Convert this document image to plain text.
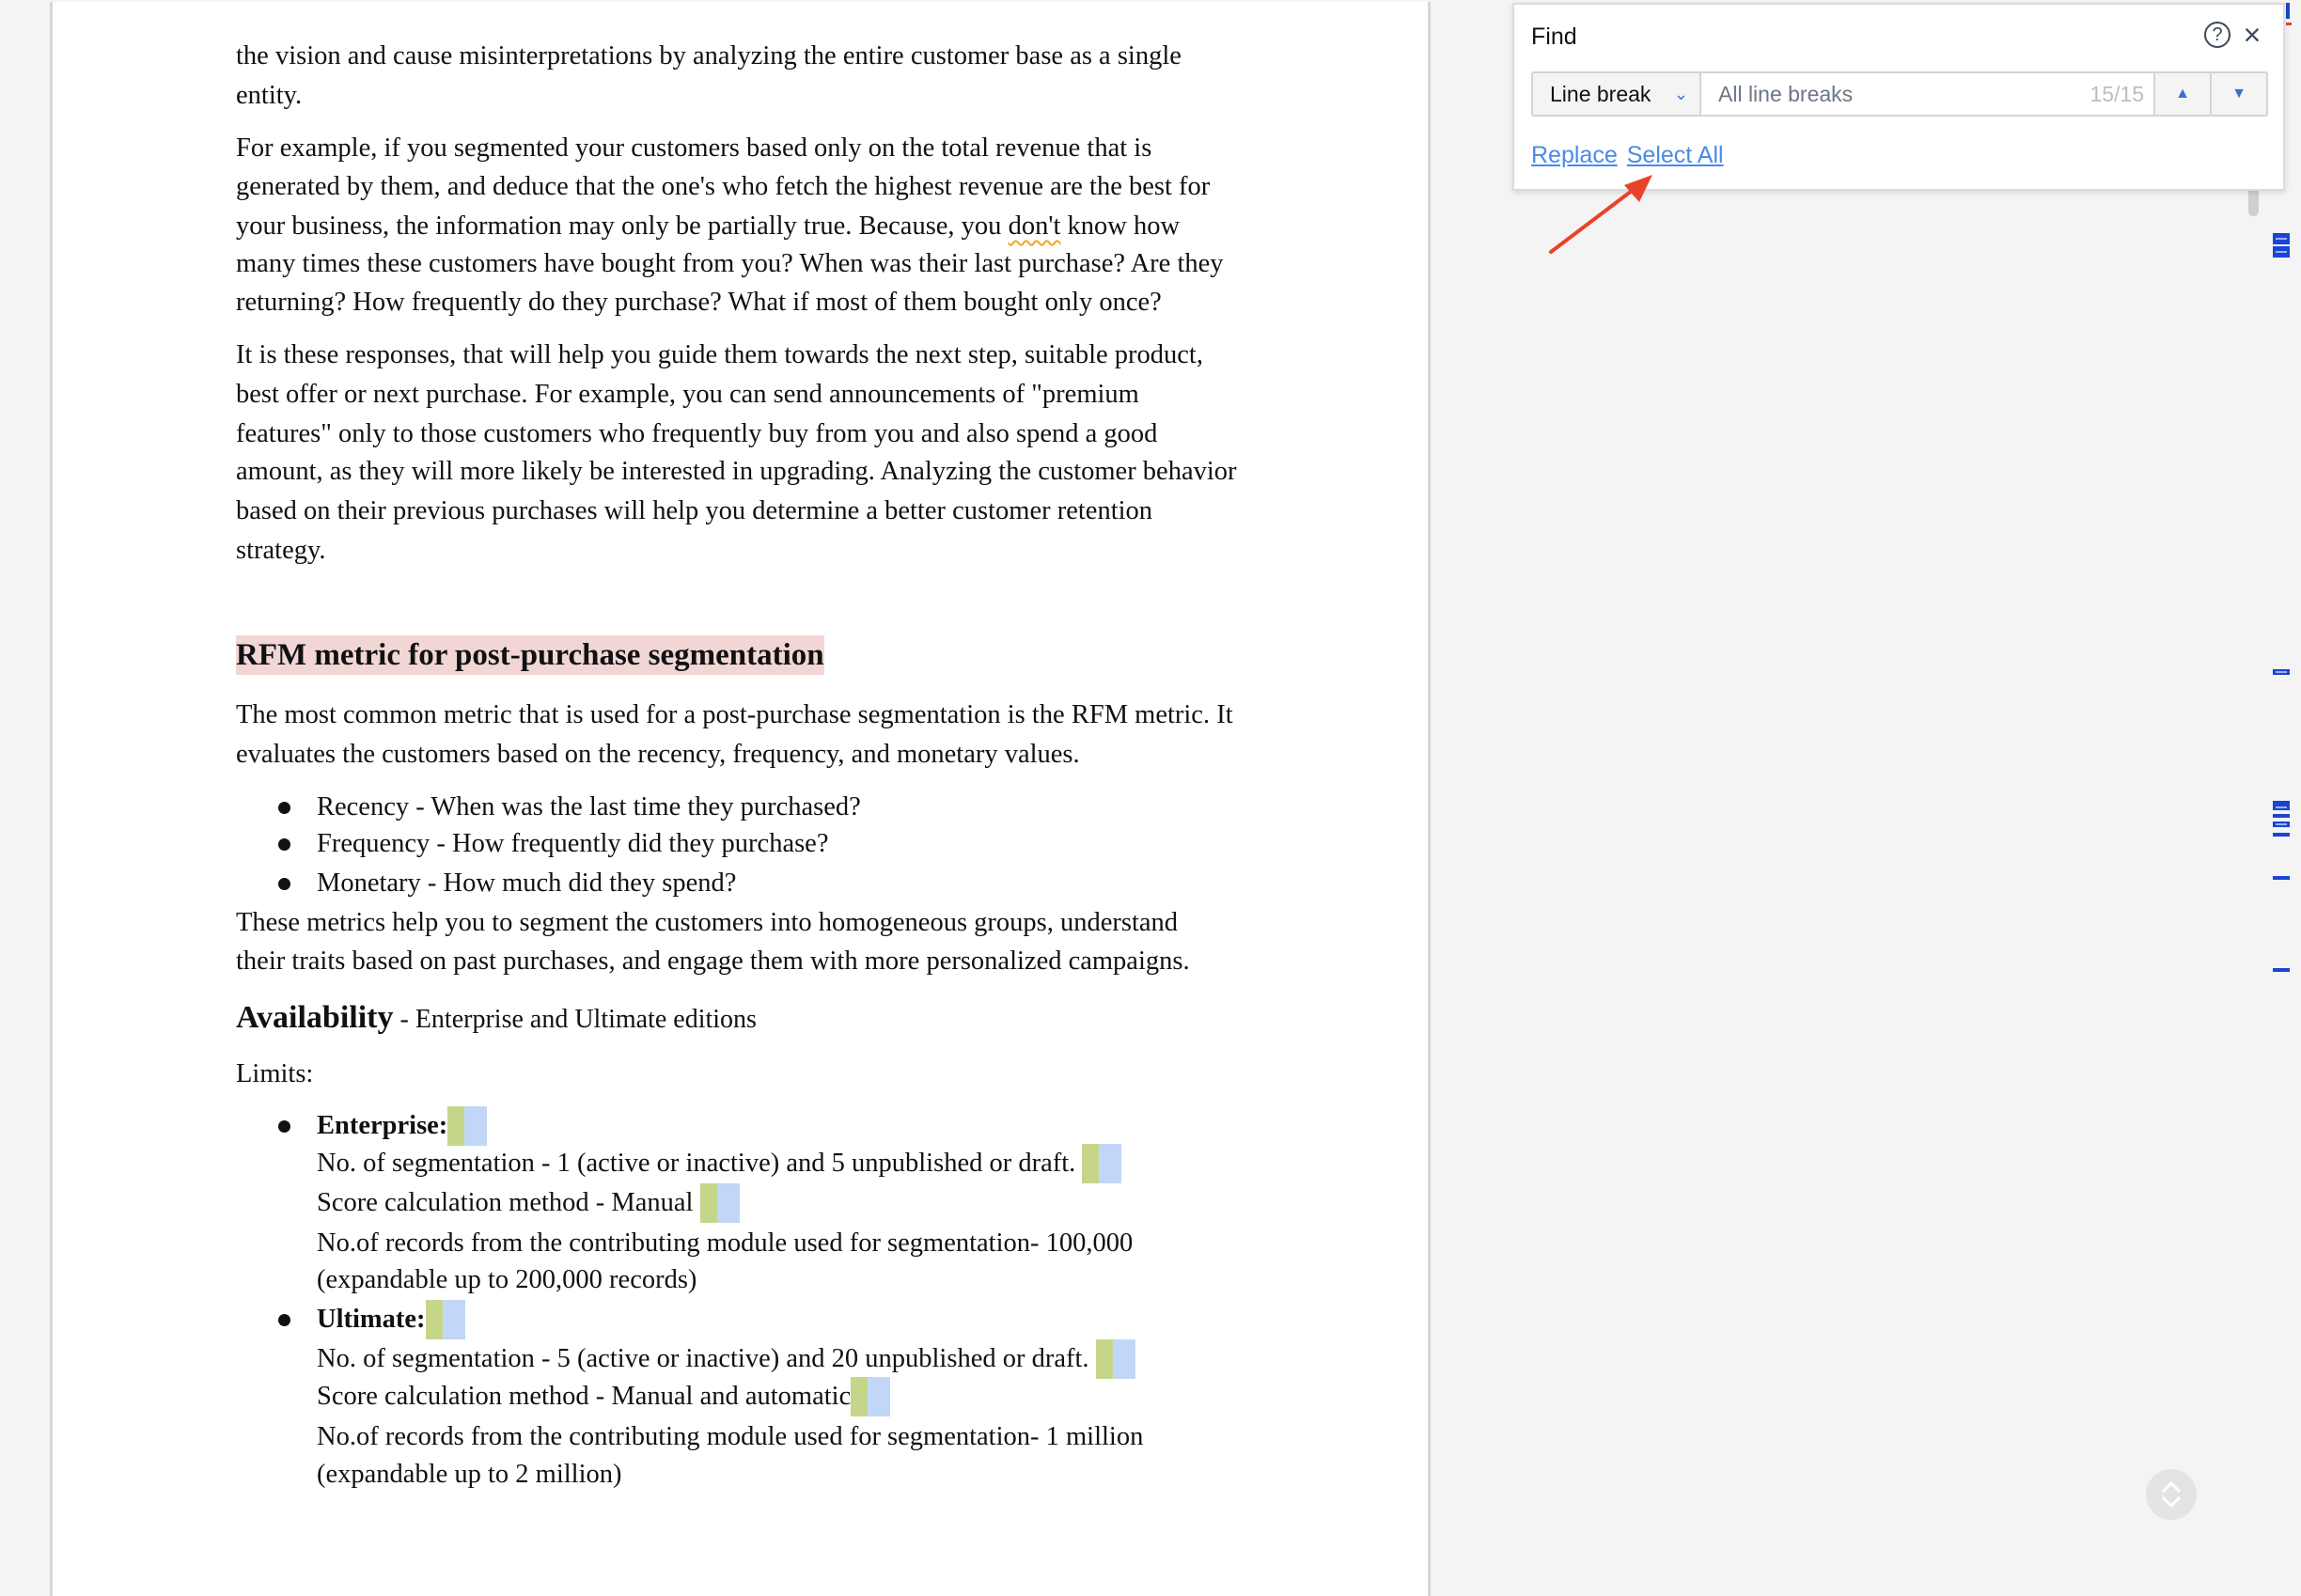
the vision and cause misinterpretations by analyzing the entire customer base as a single
entity.
For example, if you segmented your customers based only on the total revenue that is
generated by them, and deduce that the one's who fetch the highest revenue are the best for
your business, the information may only be partially true. Because, you don't know how
many times these customers have bought from you? When was their last purchase? Are they
returning? How frequently do they purchase? What if most of them bought only once?
It is these responses, that will help you guide them towards the next step, suitable product,
best offer or next purchase. For example, you can send announcements of "premium
features" only to those customers who frequently buy from you and also spend a good
amount, as they will more likely be interested in upgrading. Analyzing the customer behavior
based on their previous purchases will help you determine a better customer retention
strategy.
RFM metric for post-purchase segmentation
The most common metric that is used for a post-purchase segmentation is the RFM metric. It
evaluates the customers based on the recency, frequency, and monetary values.
Recency - When was the last time they purchased?
Frequency - How frequently did they purchase?
Monetary - How much did they spend?
These metrics help you to segment the customers into homogeneous groups, understand
their traits based on past purchases, and engage them with more personalized campaigns.
Availability - Enterprise and Ultimate editions
Limits:
Enterprise:
No. of segmentation - 1 (active or inactive) and 5 unpublished or draft.
Score calculation method - Manual
No.of records from the contributing module used for segmentation- 100,000
(expandable up to 200,000 records)
Ultimate:
No. of segmentation - 5 (active or inactive) and 20 unpublished or draft.
Score calculation method - Manual and automatic
No.of records from the contributing module used for segmentation- 1 million
(expandable up to 2 million)
Find	? ×
Line break ⌄	All line breaks	15/15	▲	▼
Replace Select All
